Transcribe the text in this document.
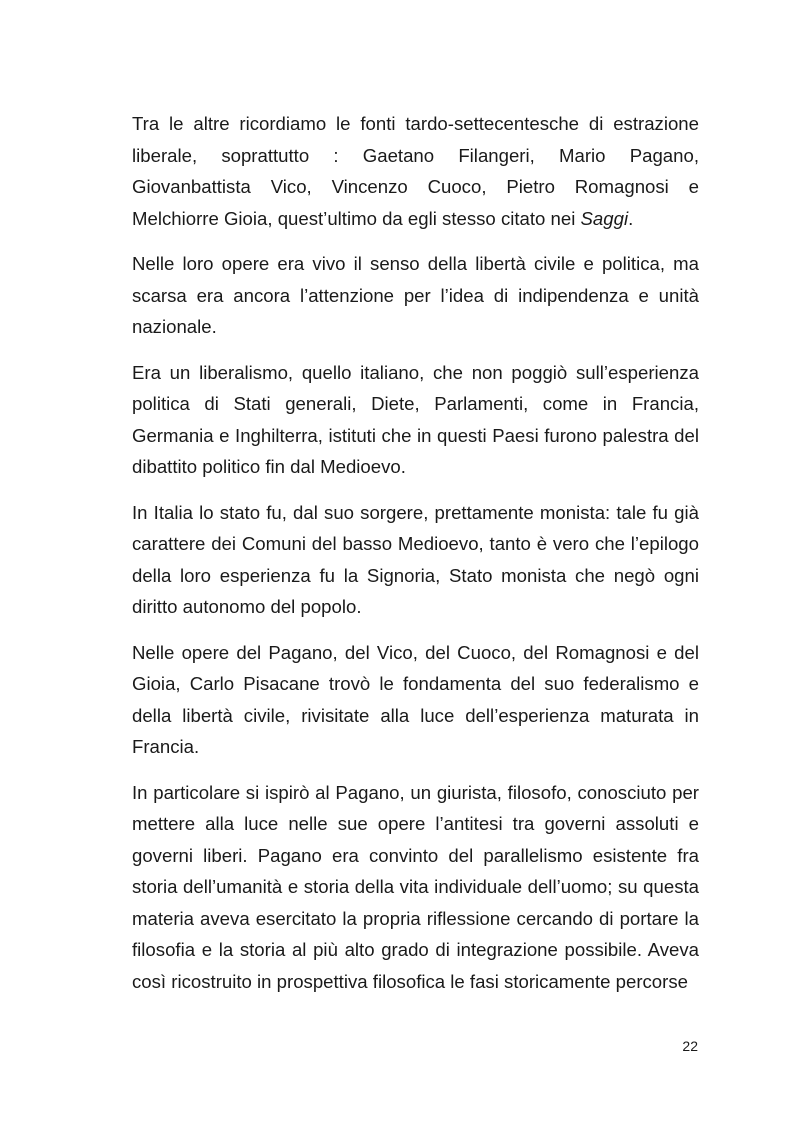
Tra le altre ricordiamo le fonti tardo-settecentesche di estrazione liberale, soprattutto : Gaetano Filangeri, Mario Pagano, Giovanbattista Vico, Vincenzo Cuoco, Pietro Romagnosi e Melchiorre Gioia, quest’ultimo da egli stesso citato nei Saggi.

Nelle loro opere era vivo il senso della libertà civile e politica, ma scarsa era ancora l’attenzione per l’idea di indipendenza e unità nazionale.

Era un liberalismo, quello italiano, che non poggiò sull’esperienza politica di Stati generali, Diete, Parlamenti, come in Francia, Germania e Inghilterra, istituti che in questi Paesi furono palestra del dibattito politico fin dal Medioevo.

In Italia lo stato fu, dal suo sorgere, prettamente monista: tale fu già carattere dei Comuni del basso Medioevo, tanto è vero che l’epilogo della loro esperienza fu la Signoria, Stato monista che negò ogni diritto autonomo del popolo.

Nelle opere del Pagano, del Vico, del Cuoco, del Romagnosi e del Gioia, Carlo Pisacane trovò le fondamenta del suo federalismo e della libertà civile, rivisitate alla luce dell’esperienza maturata in Francia.

In particolare si ispirò al Pagano, un giurista, filosofo, conosciuto per mettere alla luce nelle sue opere l’antitesi tra governi assoluti e governi liberi. Pagano era convinto del parallelismo esistente fra storia dell’umanità e storia della vita individuale dell’uomo; su questa materia aveva esercitato la propria riflessione cercando di portare la filosofia e la storia al più alto grado di integrazione possibile. Aveva così ricostruito in prospettiva filosofica le fasi storicamente percorse

22
